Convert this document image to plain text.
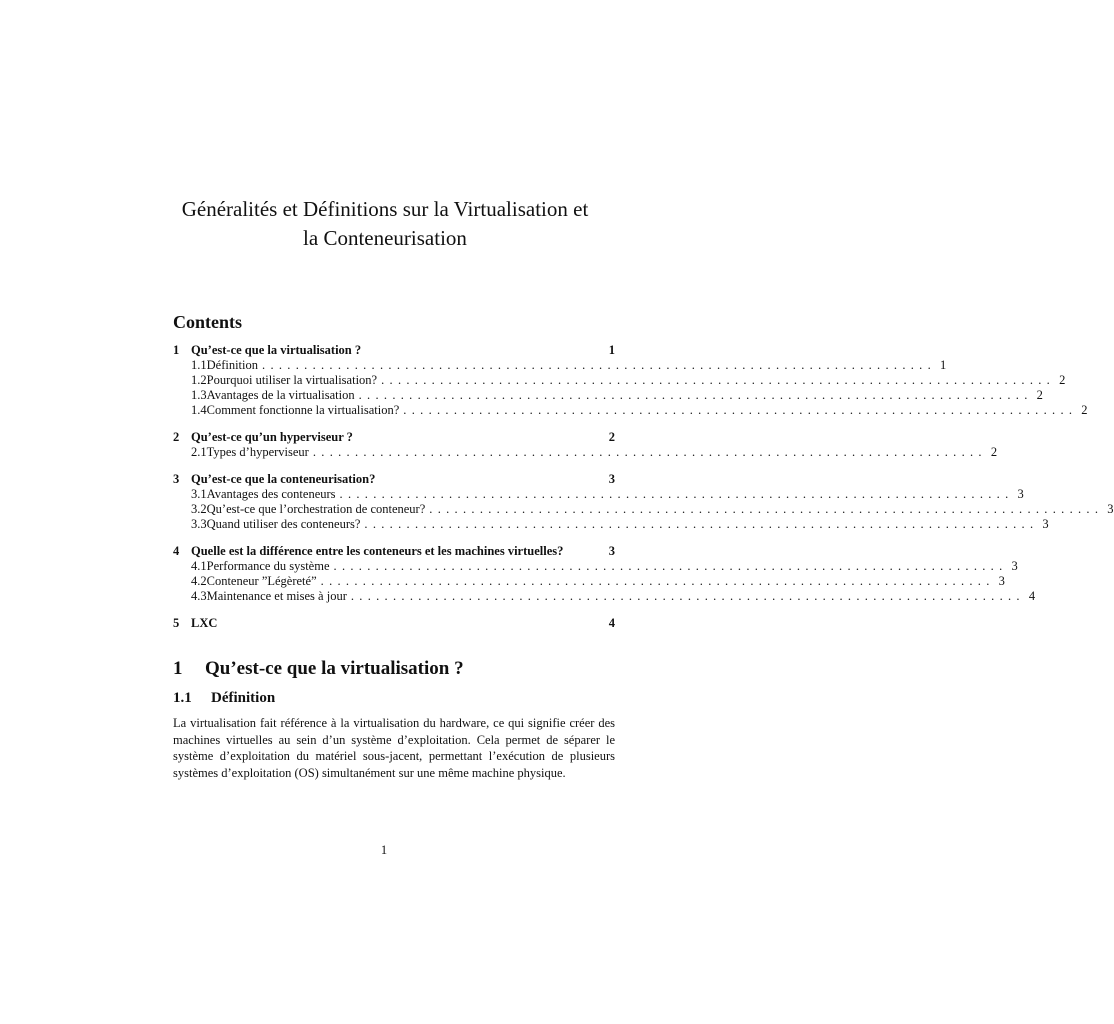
Généralités et Définitions sur la Virtualisation et
la Conteneurisation
Contents
1 Qu’est-ce que la virtualisation ?	1
1.1 Définition ................................................................................ 1
1.2 Pourquoi utiliser la virtualisation? ................................................................................ 2
1.3 Avantages de la virtualisation ................................................................................ 2
1.4 Comment fonctionne la virtualisation? ................................................................................ 2
2 Qu’est-ce qu’un hyperviseur ?	2
2.1 Types d’hyperviseur ................................................................................ 2
3 Qu’est-ce que la conteneurisation?	3
3.1 Avantages des conteneurs ................................................................................ 3
3.2 Qu’est-ce que l’orchestration de conteneur? ................................................................................ 3
3.3 Quand utiliser des conteneurs? ................................................................................ 3
4 Quelle est la différence entre les conteneurs et les machines virtuelles?	3
4.1 Performance du système ................................................................................ 3
4.2 Conteneur ”Légèreté” ................................................................................ 3
4.3 Maintenance et mises à jour ................................................................................ 4
5 LXC	4
1 Qu’est-ce que la virtualisation ?
1.1 Définition
La virtualisation fait référence à la virtualisation du hardware, ce qui signifie créer des machines virtuelles au sein d’un système d’exploitation. Cela permet de séparer le système d’exploitation du matériel sous-jacent, permettant l’exécution de plusieurs systèmes d’exploitation (OS) simultanément sur une même machine physique.
1
